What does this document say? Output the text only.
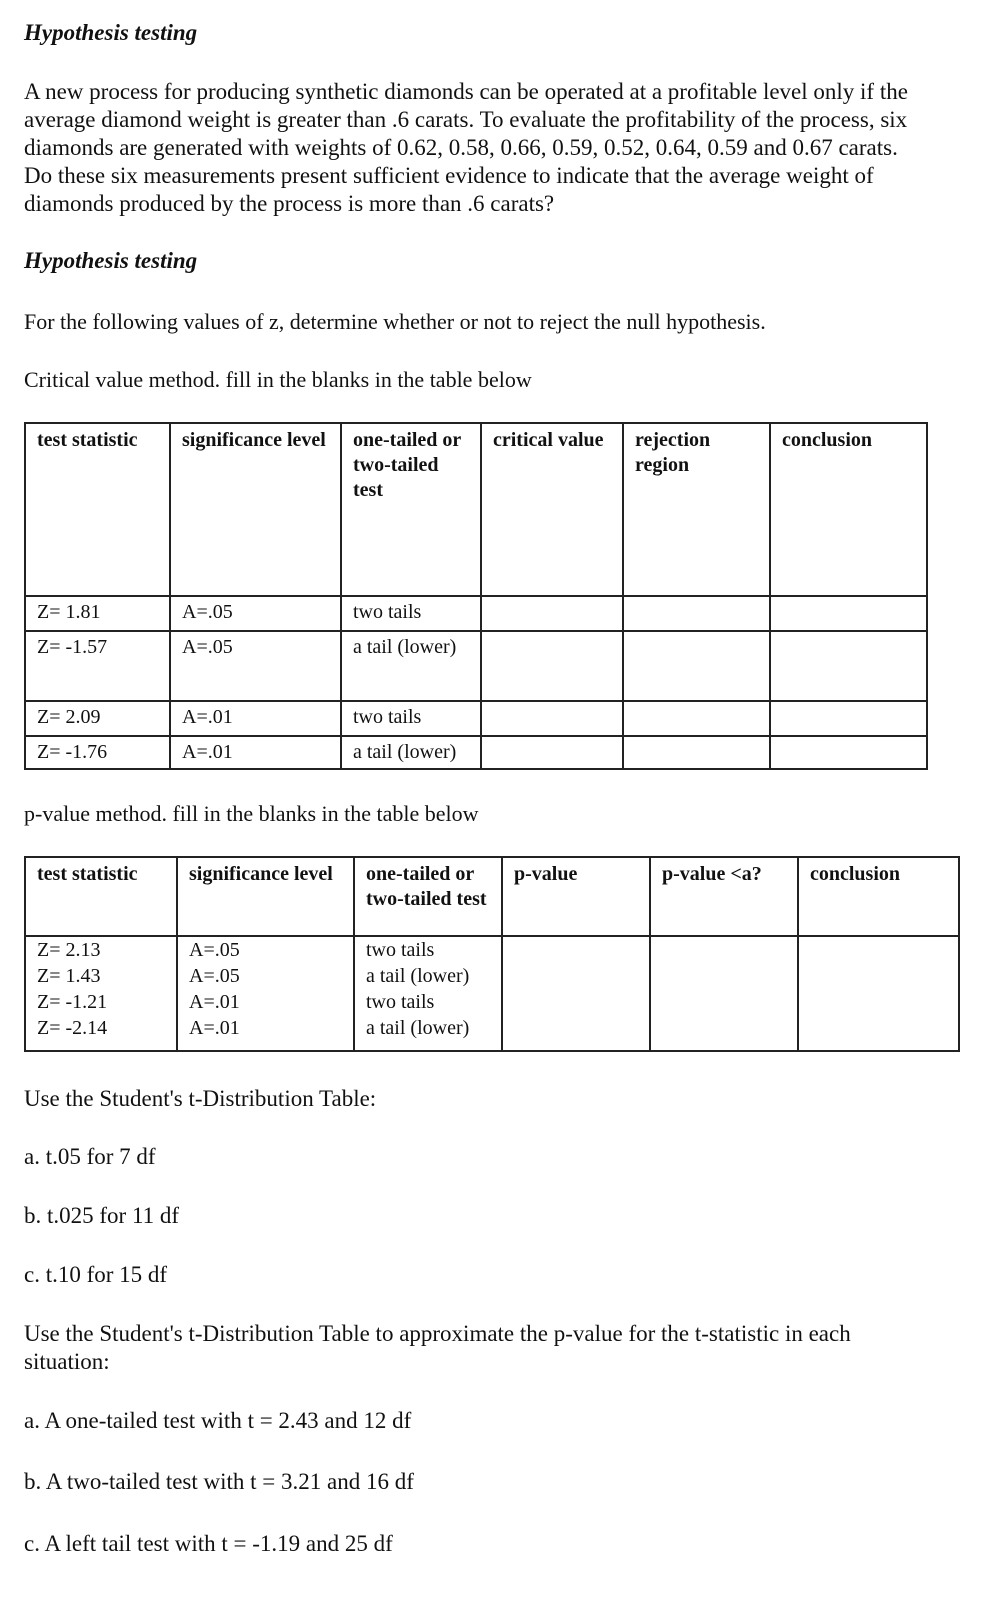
Hypothesis testing
A new process for producing synthetic diamonds can be operated at a profitable level only if the
average diamond weight is greater than .6 carats. To evaluate the profitability of the process, six
diamonds are generated with weights of 0.62, 0.58, 0.66, 0.59, 0.52, 0.64, 0.59 and 0.67 carats.
Do these six measurements present sufficient evidence to indicate that the average weight of
diamonds produced by the process is more than .6 carats?
Hypothesis testing
For the following values of z, determine whether or not to reject the null hypothesis.
Critical value method. fill in the blanks in the table below
test statistic	significance level	one-tailed or two-tailed test	critical value	rejection region	conclusion
Z= 1.81	A=.05	two tails			
Z= -1.57	A=.05	a tail (lower)			
Z= 2.09	A=.01	two tails			
Z= -1.76	A=.01	a tail (lower)			
p-value method. fill in the blanks in the table below
test statistic	significance level	one-tailed or two-tailed test	p-value	p-value <a?	conclusion
Z= 2.13	A=.05	two tails			
Z= 1.43	A=.05	a tail (lower)			
Z= -1.21	A=.01	two tails			
Z= -2.14	A=.01	a tail (lower)			
Use the Student's t-Distribution Table:
a. t.05 for 7 df
b. t.025 for 11 df
c. t.10 for 15 df
Use the Student's t-Distribution Table to approximate the p-value for the t-statistic in each
situation:
a. A one-tailed test with t = 2.43 and 12 df
b. A two-tailed test with t = 3.21 and 16 df
c. A left tail test with t = -1.19 and 25 df
